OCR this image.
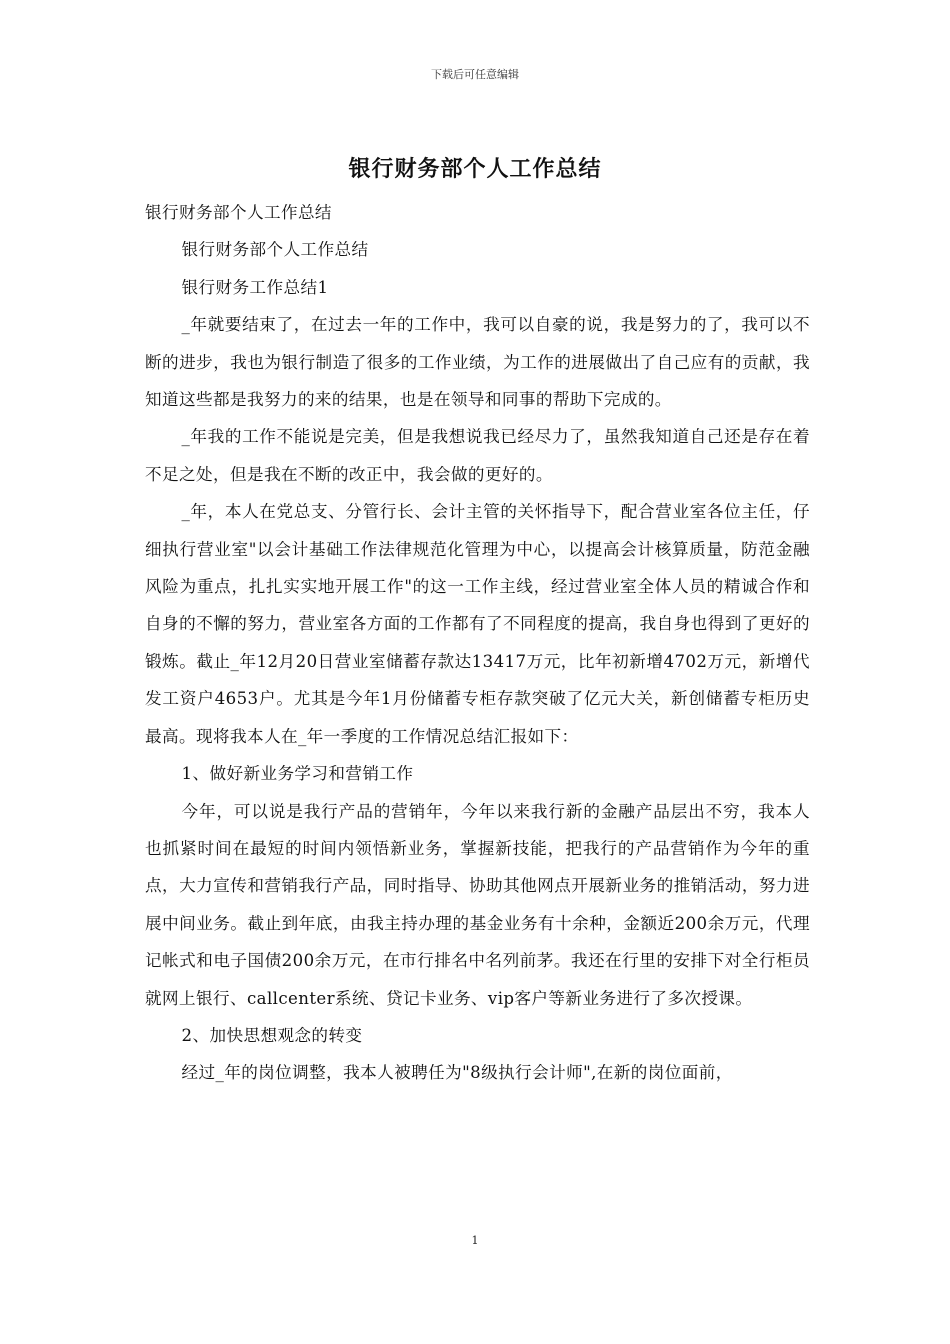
下载后可任意编辑
银行财务部个人工作总结

银行财务部个人工作总结

银行财务部个人工作总结

银行财务工作总结1

_年就要结束了，在过去一年的工作中，我可以自豪的说，我是努力的了，我可以不断的进步，我也为银行制造了很多的工作业绩，为工作的进展做出了自己应有的贡献，我知道这些都是我努力的来的结果，也是在领导和同事的帮助下完成的。

_年我的工作不能说是完美，但是我想说我已经尽力了，虽然我知道自己还是存在着不足之处，但是我在不断的改正中，我会做的更好的。

_年，本人在党总支、分管行长、会计主管的关怀指导下，配合营业室各位主任，仔细执行营业室"以会计基础工作法律规范化管理为中心，以提高会计核算质量，防范金融风险为重点，扎扎实实地开展工作"的这一工作主线，经过营业室全体人员的精诚合作和自身的不懈的努力，营业室各方面的工作都有了不同程度的提高，我自身也得到了更好的锻炼。截止_年12月20日营业室储蓄存款达13417万元，比年初新增4702万元，新增代发工资户4653户。尤其是今年1月份储蓄专柜存款突破了亿元大关，新创储蓄专柜历史最高。现将我本人在_年一季度的工作情况总结汇报如下：

1、做好新业务学习和营销工作

今年，可以说是我行产品的营销年，今年以来我行新的金融产品层出不穷，我本人也抓紧时间在最短的时间内领悟新业务，掌握新技能，把我行的产品营销作为今年的重点，大力宣传和营销我行产品，同时指导、协助其他网点开展新业务的推销活动，努力进展中间业务。截止到年底，由我主持办理的基金业务有十余种，金额近200余万元，代理记帐式和电子国债200余万元，在市行排名中名列前茅。我还在行里的安排下对全行柜员就网上银行、callcenter系统、贷记卡业务、vip客户等新业务进行了多次授课。

2、加快思想观念的转变

经过_年的岗位调整，我本人被聘任为"8级执行会计师",在新的岗位面前，

1
